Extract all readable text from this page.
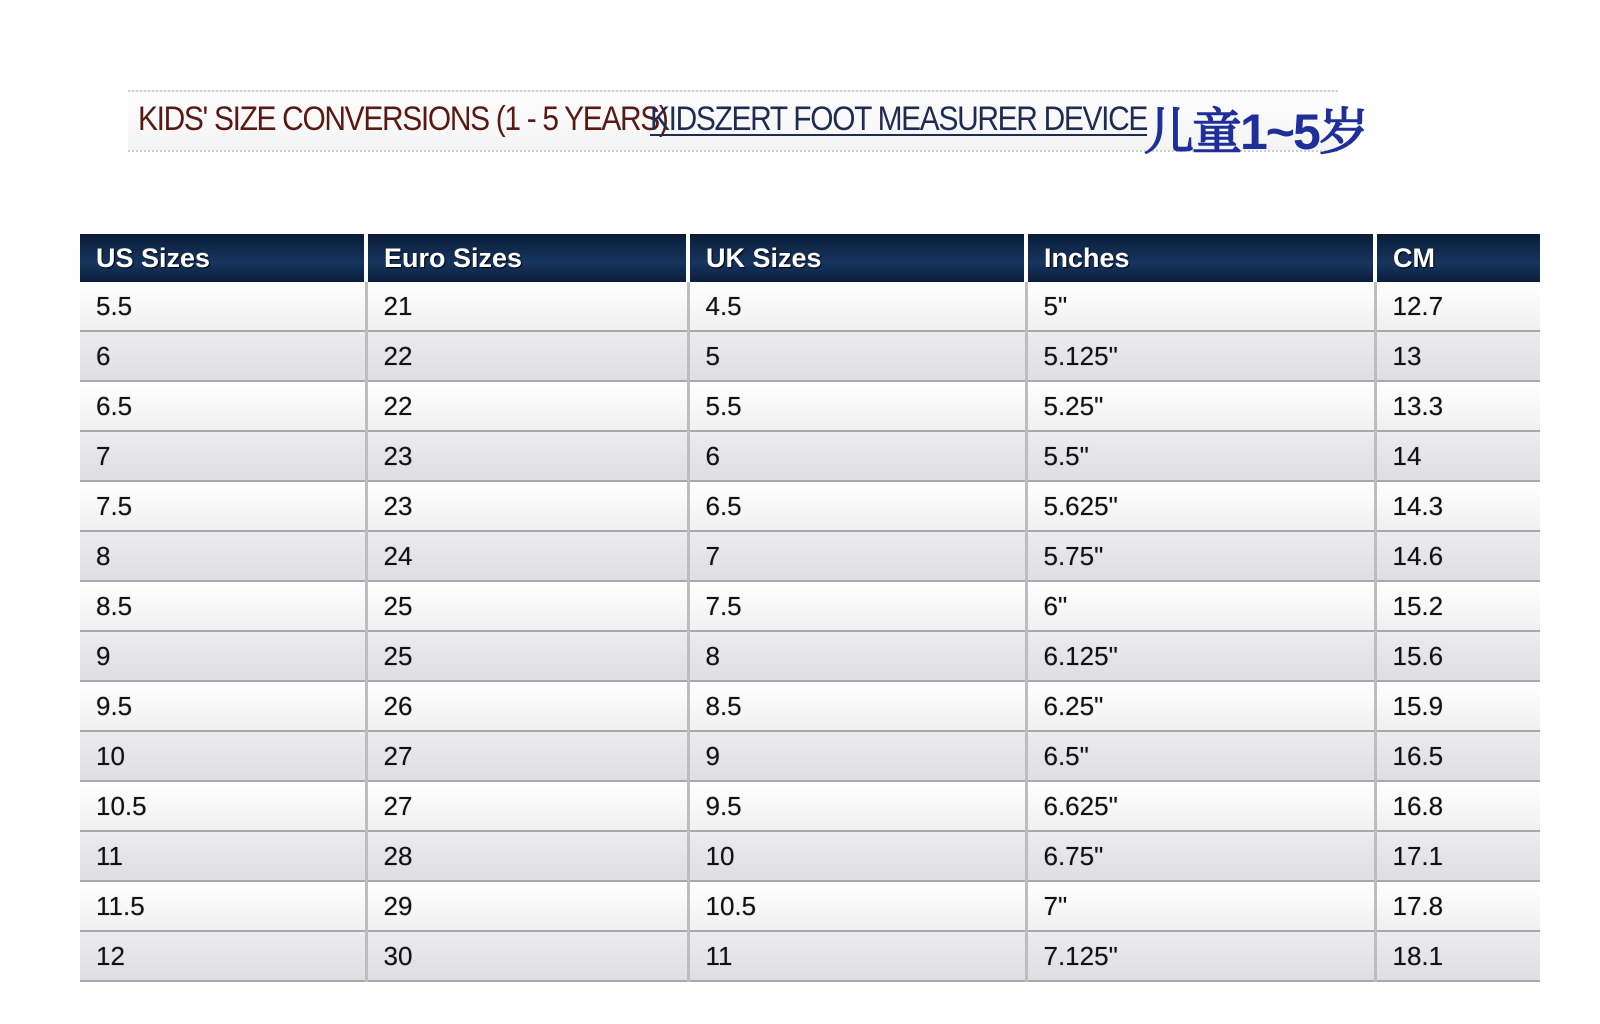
KIDS' SIZE CONVERSIONS (1 - 5 YEARS)
KIDSZERT FOOT MEASURER DEVICE
儿童1~5岁
US Sizes	Euro Sizes	UK Sizes	Inches	CM
5.5	21	4.5	5"	12.7
6	22	5	5.125"	13
6.5	22	5.5	5.25"	13.3
7	23	6	5.5"	14
7.5	23	6.5	5.625"	14.3
8	24	7	5.75"	14.6
8.5	25	7.5	6"	15.2
9	25	8	6.125"	15.6
9.5	26	8.5	6.25"	15.9
10	27	9	6.5"	16.5
10.5	27	9.5	6.625"	16.8
11	28	10	6.75"	17.1
11.5	29	10.5	7"	17.8
12	30	11	7.125"	18.1
